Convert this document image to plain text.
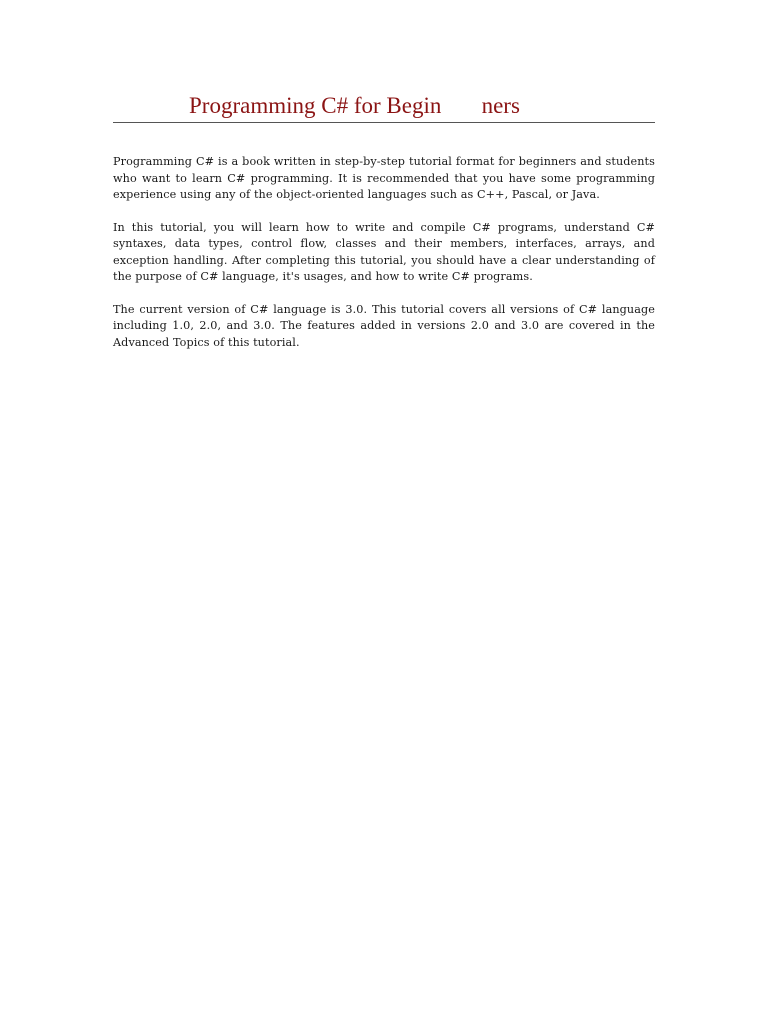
Programming C# for Begin       ners

Programming C# is a book written in step-by-step tutorial format for beginners and students who want to learn C# programming. It is recommended that you have some programming experience using any of the object-oriented languages such as C++, Pascal, or Java.

In this tutorial, you will learn how to write and compile C# programs, understand C# syntaxes, data types, control flow, classes and their members, interfaces, arrays, and exception handling. After completing this tutorial, you should have a clear understanding of the purpose of C# language, it's usages, and how to write C# programs.

The current version of C# language is 3.0. This tutorial covers all versions of C# language including 1.0, 2.0, and 3.0. The features added in versions 2.0 and 3.0 are covered in the Advanced Topics of this tutorial.
